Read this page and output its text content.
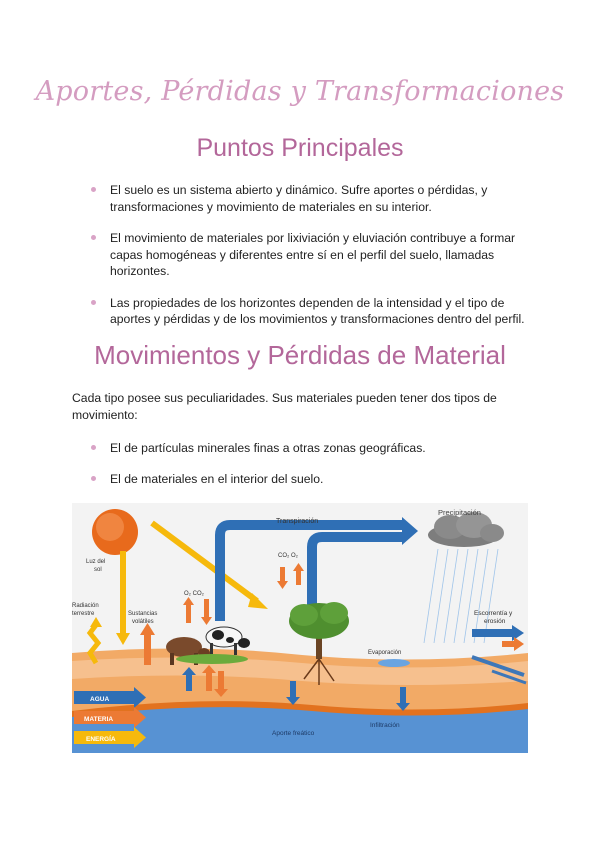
Aportes, Pérdidas y Transformaciones
Puntos Principales
El suelo es un sistema abierto y dinámico. Sufre aportes o pérdidas, y transformaciones y movimiento de materiales en su interior.
El movimiento de materiales por lixiviación y eluviación contribuye a formar capas homogéneas y diferentes entre sí en el perfil del suelo, llamadas horizontes.
Las propiedades de los horizontes dependen de la intensidad y el tipo de aportes y pérdidas y de los movimientos y transformaciones dentro del perfil.
Movimientos y Pérdidas de Material
Cada tipo posee sus peculiaridades. Sus materiales pueden tener dos tipos de movimiento:
El de partículas minerales finas a otras zonas geográficas.
El de materiales en el interior del suelo.
Transpiración
Precipitación
Luz del
sol
CO₂ O₂
O₂ CO₂
Radiación
terrestre	Sustancias
volátiles
Escorrentía y
erosión
Evaporación
AGUA
MATERIA
ENERGÍA
Aporte freático
Infiltración
